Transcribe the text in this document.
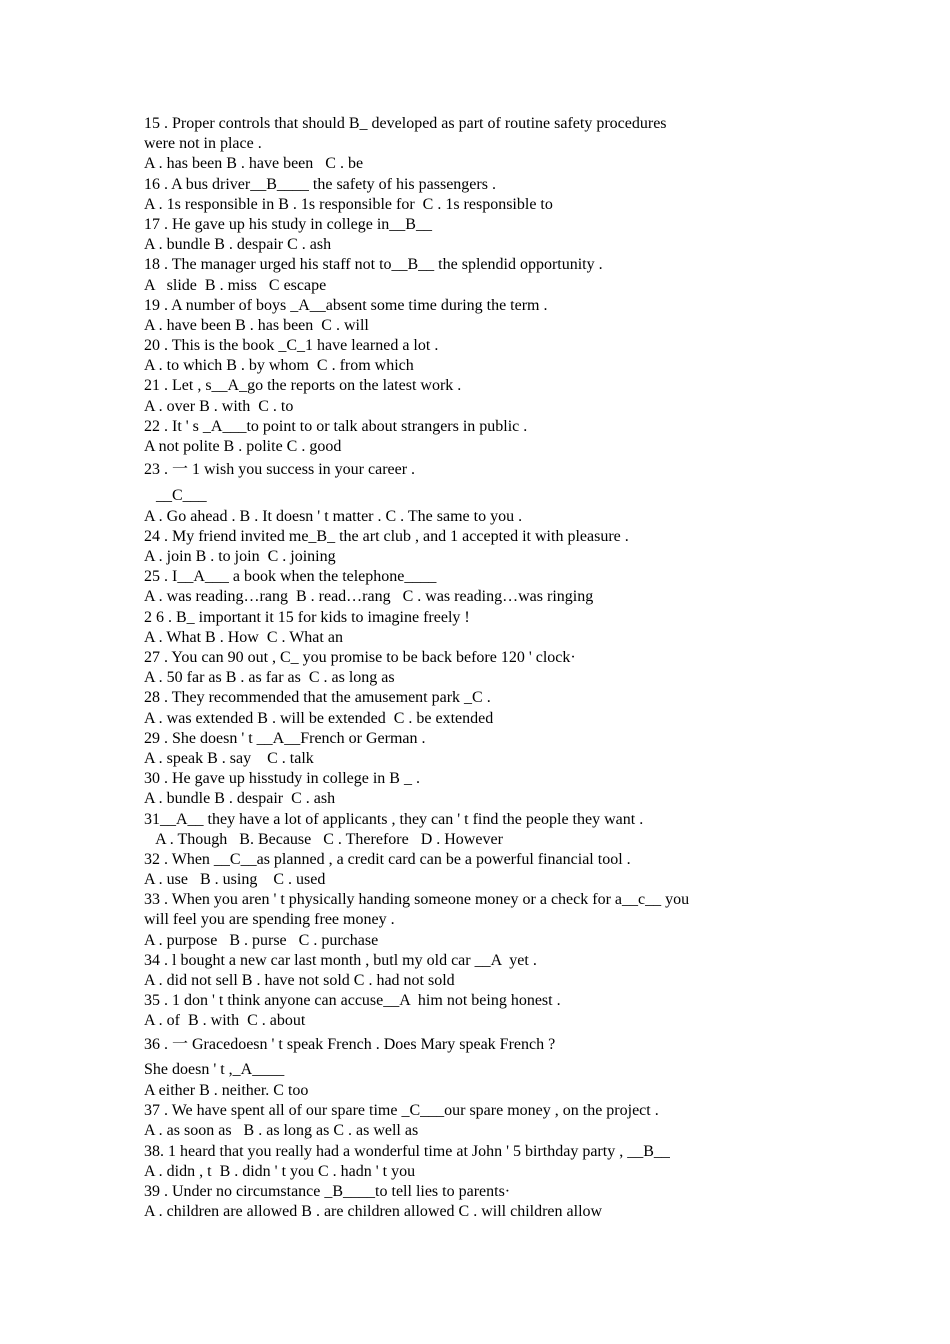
15 . Proper controls that should B_ developed as part of routine safety procedures
were not in place .
A . has been B . have been   C . be
16 . A bus driver__B____ the safety of his passengers .
A . 1s responsible in B . 1s responsible for  C . 1s responsible to
17 . He gave up his study in college in__B__
A . bundle B . despair C . ash
18 . The manager urged his staff not to__B__ the splendid opportunity .
A   slide  B . miss   C escape
19 . A number of boys _A__absent some time during the term .
A . have been B . has been  C . will
20 . This is the book _C_1 have learned a lot .
A . to which B . by whom  C . from which
21 . Let , s__A_go the reports on the latest work .
A . over B . with  C . to
22 . It ' s _A___to point to or talk about strangers in public .
A not polite B . polite C . good
23 . 一 1 wish you success in your career .
__C___
A . Go ahead . B . It doesn ' t matter . C . The same to you .
24 . My friend invited me_B_ the art club , and 1 accepted it with pleasure .
A . join B . to join  C . joining
25 . I__A___ a book when the telephone____
A . was reading…rang  B . read…rang   C . was reading…was ringing
2 6 . B_ important it 15 for kids to imagine freely !
A . What B . How  C . What an
27 . You can 90 out , C_ you promise to be back before 120 ' clock·
A . 50 far as B . as far as  C . as long as
28 . They recommended that the amusement park _C .
A . was extended B . will be extended  C . be extended
29 . She doesn ' t __A__French or German .
A . speak B . say    C . talk
30 . He gave up hisstudy in college in B _ .
A . bundle B . despair  C . ash
31__A__ they have a lot of applicants , they can ' t find the people they want .
A . Though   B. Because   C . Therefore   D . However
32 . When __C__as planned , a credit card can be a powerful financial tool .
A . use   B . using    C . used
33 . When you aren ' t physically handing someone money or a check for a__c__ you
will feel you are spending free money .
A . purpose   B . purse   C . purchase
34 . l bought a new car last month , butl my old car __A  yet .
A . did not sell B . have not sold C . had not sold
35 . 1 don ' t think anyone can accuse__A  him not being honest .
A . of  B . with  C . about
36 . 一 Gracedoesn ' t speak French . Does Mary speak French ?
She doesn ' t ,_A____
A either B . neither. C too
37 . We have spent all of our spare time _C___our spare money , on the project .
A . as soon as   B . as long as C . as well as
38. 1 heard that you really had a wonderful time at John ' 5 birthday party , __B__
A . didn , t  B . didn ' t you C . hadn ' t you
39 . Under no circumstance _B____to tell lies to parents·
A . children are allowed B . are children allowed C . will children allow
